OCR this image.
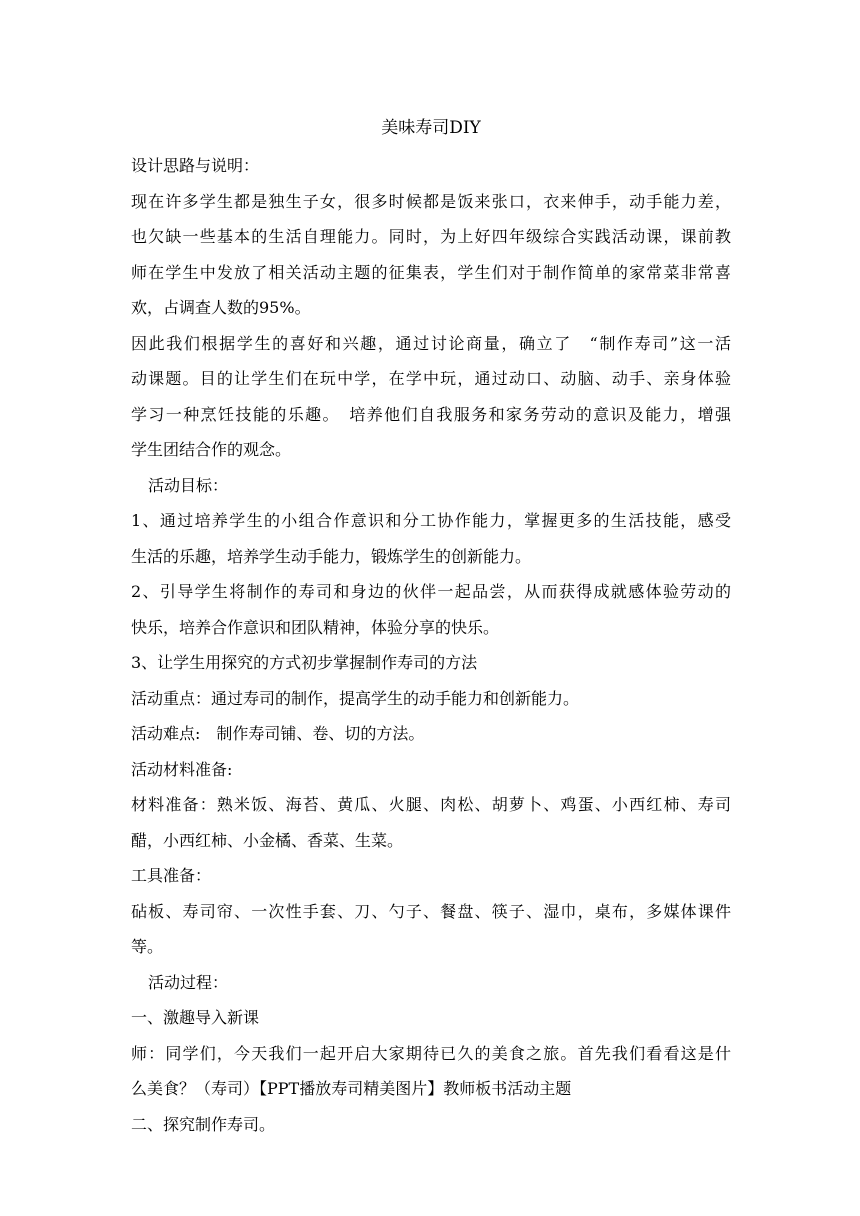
美味寿司DIY

设计思路与说明：

现在许多学生都是独生子女，很多时候都是饭来张口，衣来伸手，动手能力差，

也欠缺一些基本的生活自理能力。同时，为上好四年级综合实践活动课，课前教

师在学生中发放了相关活动主题的征集表，学生们对于制作简单的家常菜非常喜

欢，占调查人数的95%。

因此我们根据学生的喜好和兴趣，通过讨论商量，确立了　“制作寿司”这一活

动课题。目的让学生们在玩中学，在学中玩，通过动口、动脑、动手、亲身体验

学习一种烹饪技能的乐趣。　培养他们自我服务和家务劳动的意识及能力，增强

学生团结合作的观念。

活动目标：

1、通过培养学生的小组合作意识和分工协作能力，掌握更多的生活技能，感受

生活的乐趣，培养学生动手能力，锻炼学生的创新能力。

2、引导学生将制作的寿司和身边的伙伴一起品尝，从而获得成就感体验劳动的

快乐，培养合作意识和团队精神，体验分享的快乐。

3、让学生用探究的方式初步掌握制作寿司的方法

活动重点：通过寿司的制作，提高学生的动手能力和创新能力。

活动难点:　制作寿司铺、卷、切的方法。

活动材料准备:

材料准备：熟米饭、海苔、黄瓜、火腿、肉松、胡萝卜、鸡蛋、小西红柿、寿司

醋，小西红柿、小金橘、香菜、生菜。

工具准备：

砧板、寿司帘、一次性手套、刀、勺子、餐盘、筷子、湿巾，桌布，多媒体课件

等。

活动过程：

一、激趣导入新课

师：同学们，今天我们一起开启大家期待已久的美食之旅。首先我们看看这是什

么美食？（寿司）【PPT播放寿司精美图片】教师板书活动主题

二、探究制作寿司。
